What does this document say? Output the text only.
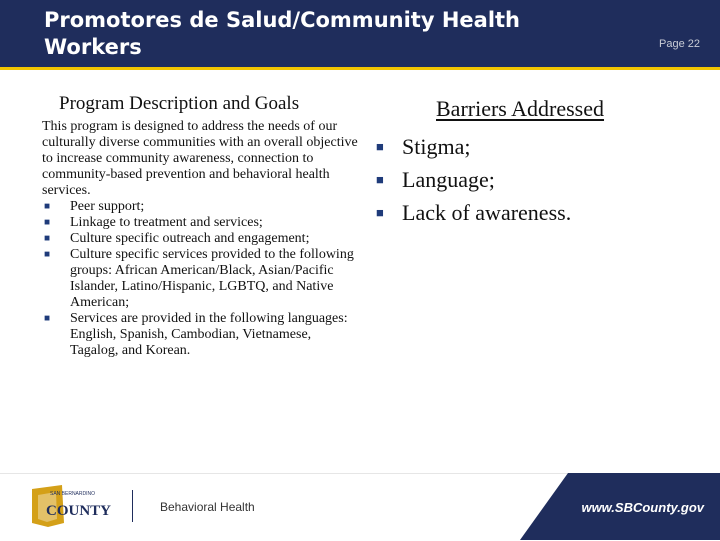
Promotores de Salud/Community Health Workers	Page 22
Program Description and Goals

This program is designed to address the needs of our culturally diverse communities with an overall objective to increase community awareness, connection to community-based prevention and behavioral health services.

■ Peer support;
■ Linkage to treatment and services;
■ Culture specific outreach and engagement;
■ Culture specific services provided to the following groups: African American/Black, Asian/Pacific Islander, Latino/Hispanic, LGBTQ, and Native American;
■ Services are provided in the following languages: English, Spanish, Cambodian, Vietnamese, Tagalog, and Korean.
Barriers Addressed
■ Stigma;
■ Language;
■ Lack of awareness.
SAN BERNARDINO
COUNTY	Behavioral Health	www.SBCounty.gov
